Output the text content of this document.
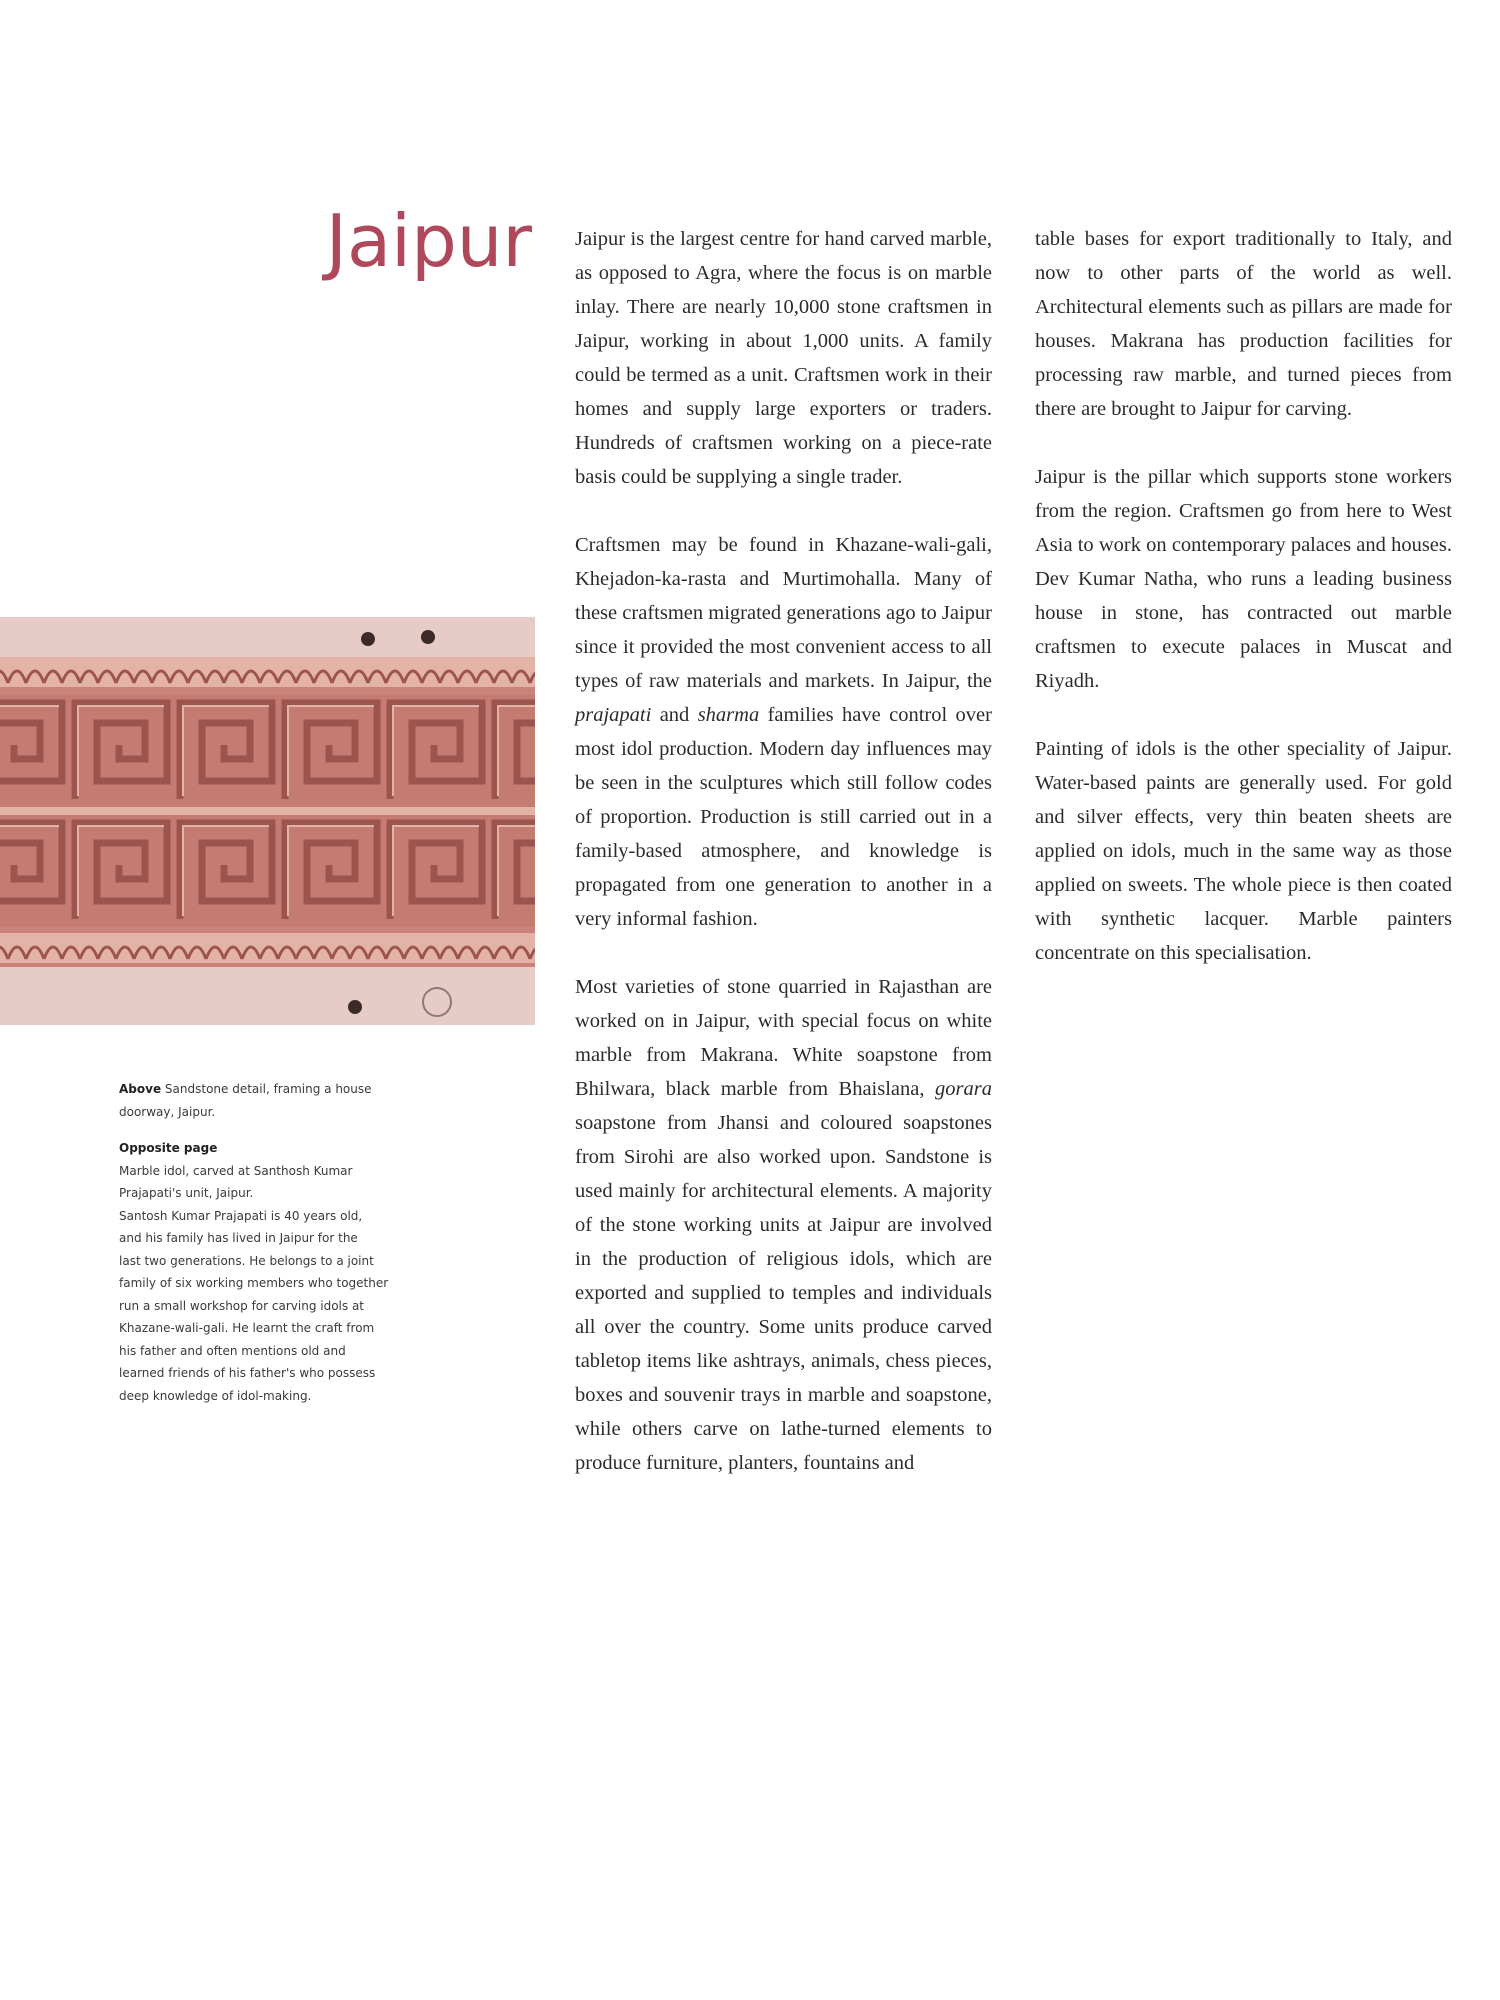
Jaipur Jaipur is the largest centre for hand carved marble, as opposed to Agra, where the focus is on marble inlay. There are nearly 10,000 stone craftsmen in Jaipur, working in about 1,000 units. A family could be termed as a unit. Craftsmen work in their homes and supply large exporters or traders. Hundreds of craftsmen working on a piece-rate basis could be supplying a single trader.

Craftsmen may be found in Khazane-wali-gali, Khejadon-ka-rasta and Murtimohalla. Many of these craftsmen migrated generations ago to Jaipur since it provided the most convenient access to all types of raw materials and markets. In Jaipur, the prajapati and sharma families have control over most idol production. Modern day influences may be seen in the sculptures which still follow codes of proportion. Production is still carried out in a family-based atmosphere, and knowledge is propagated from one generation to another in a very informal fashion.

Most varieties of stone quarried in Rajasthan are worked on in Jaipur, with special focus on white marble from Makrana. White soapstone from Bhilwara, black marble from Bhaislana, gorara soapstone from Jhansi and coloured soapstones from Sirohi are also worked upon. Sandstone is used mainly for architectural elements. A majority of the stone working units at Jaipur are involved in the production of religious idols, which are exported and supplied to temples and individuals all over the country. Some units produce carved tabletop items like ashtrays, animals, chess pieces, boxes and souvenir trays in marble and soapstone, while others carve on lathe-turned elements to produce furniture, planters, fountains and

table bases for export traditionally to Italy, and now to other parts of the world as well. Architectural elements such as pillars are made for houses. Makrana has production facilities for processing raw marble, and turned pieces from there are brought to Jaipur for carving.

Jaipur is the pillar which supports stone workers from the region. Craftsmen go from here to West Asia to work on contemporary palaces and houses. Dev Kumar Natha, who runs a leading business house in stone, has contracted out marble craftsmen to execute palaces in Muscat and Riyadh.

Painting of idols is the other speciality of Jaipur. Water-based paints are generally used. For gold and silver effects, very thin beaten sheets are applied on idols, much in the same way as those applied on sweets. The whole piece is then coated with synthetic lacquer. Marble painters concentrate on this specialisation.

Above Sandstone detail, framing a house doorway, Jaipur.

Opposite page

Marble idol, carved at Santhosh Kumar
Prajapati's unit, Jaipur.
Santosh Kumar Prajapati is 40 years old,
and his family has lived in Jaipur for the
last two generations. He belongs to a joint
family of six working members who together
run a small workshop for carving idols at
Khazane-wali-gali. He learnt the craft from
his father and often mentions old and
learned friends of his father's who possess
deep knowledge of idol-making.
